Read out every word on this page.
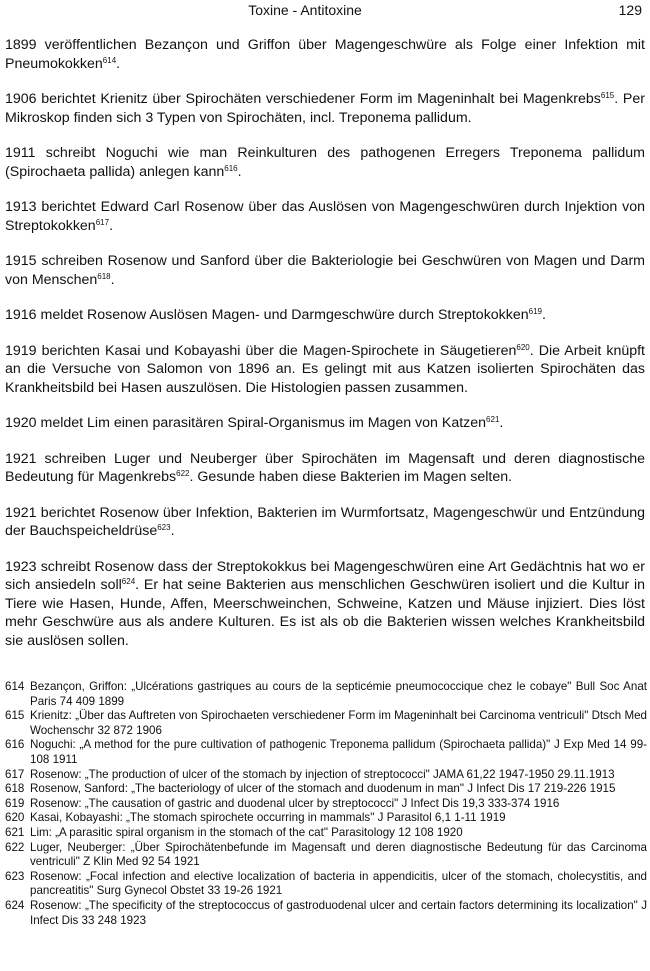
Toxine - Antitoxine	129

1899 veröffentlichen Bezançon und Griffon über Magengeschwüre als Folge einer Infektion mit Pneumokokken$^{614}$.

1906 berichtet Krienitz über Spirochäten verschiedener Form im Mageninhalt bei Magenkrebs$^{615}$. Per Mikroskop finden sich 3 Typen von Spirochäten, incl. Treponema pallidum.

1911 schreibt Noguchi wie man Reinkulturen des pathogenen Erregers Treponema pallidum (Spirochaeta pallida) anlegen kann$^{616}$.

1913 berichtet Edward Carl Rosenow über das Auslösen von Magengeschwüren durch Injektion von Streptokokken$^{617}$.

1915 schreiben Rosenow und Sanford über die Bakteriologie bei Geschwüren von Magen und Darm von Menschen$^{618}$.

1916 meldet Rosenow Auslösen Magen- und Darmgeschwüre durch Streptokokken$^{619}$.

1919 berichten Kasai und Kobayashi über die Magen-Spirochete in Säugetieren$^{620}$. Die Arbeit knüpft an die Versuche von Salomon von 1896 an. Es gelingt mit aus Katzen isolierten Spirochäten das Krankheitsbild bei Hasen auszulösen. Die Histologien passen zusammen.

1920 meldet Lim einen parasitären Spiral-Organismus im Magen von Katzen$^{621}$.

1921 schreiben Luger und Neuberger über Spirochäten im Magensaft und deren diagnostische Bedeutung für Magenkrebs$^{622}$. Gesunde haben diese Bakterien im Magen selten.

1921 berichtet Rosenow über Infektion, Bakterien im Wurmfortsatz, Magengeschwür und Entzündung der Bauchspeicheldrüse$^{623}$.

1923 schreibt Rosenow dass der Streptokokkus bei Magengeschwüren eine Art Gedächtnis hat wo er sich ansiedeln soll$^{624}$. Er hat seine Bakterien aus menschlichen Geschwüren isoliert und die Kultur in Tiere wie Hasen, Hunde, Affen, Meerschweinchen, Schweine, Katzen und Mäuse injiziert. Dies löst mehr Geschwüre aus als andere Kulturen. Es ist als ob die Bakterien wissen welches Krankheitsbild sie auslösen sollen.

614 Bezançon, Griffon: „Ulcérations gastriques au cours de la septicémie pneumococcique chez le cobaye" Bull Soc Anat Paris 74 409 1899
615 Krienitz: „Über das Auftreten von Spirochaeten verschiedener Form im Mageninhalt bei Carcinoma ventriculi" Dtsch Med Wochenschr 32 872 1906
616 Noguchi: „A method for the pure cultivation of pathogenic Treponema pallidum (Spirochaeta pallida)" J Exp Med 14 99-108 1911
617 Rosenow: „The production of ulcer of the stomach by injection of streptococci" JAMA 61,22 1947-1950 29.11.1913
618 Rosenow, Sanford: „The bacteriology of ulcer of the stomach and duodenum in man" J Infect Dis 17 219-226 1915
619 Rosenow: „The causation of gastric and duodenal ulcer by streptococci" J Infect Dis 19,3 333-374 1916
620 Kasai, Kobayashi: „The stomach spirochete occurring in mammals" J Parasitol 6,1 1-11 1919
621 Lim: „A parasitic spiral organism in the stomach of the cat" Parasitology 12 108 1920
622 Luger, Neuberger: „Über Spirochätenbefunde im Magensaft und deren diagnostische Bedeutung für das Carcinoma ventriculi" Z Klin Med 92 54 1921
623 Rosenow: „Focal infection and elective localization of bacteria in appendicitis, ulcer of the stomach, cholecystitis, and pancreatitis" Surg Gynecol Obstet 33 19-26 1921
624 Rosenow: „The specificity of the streptococcus of gastroduodenal ulcer and certain factors determining its localization" J Infect Dis 33 248 1923
